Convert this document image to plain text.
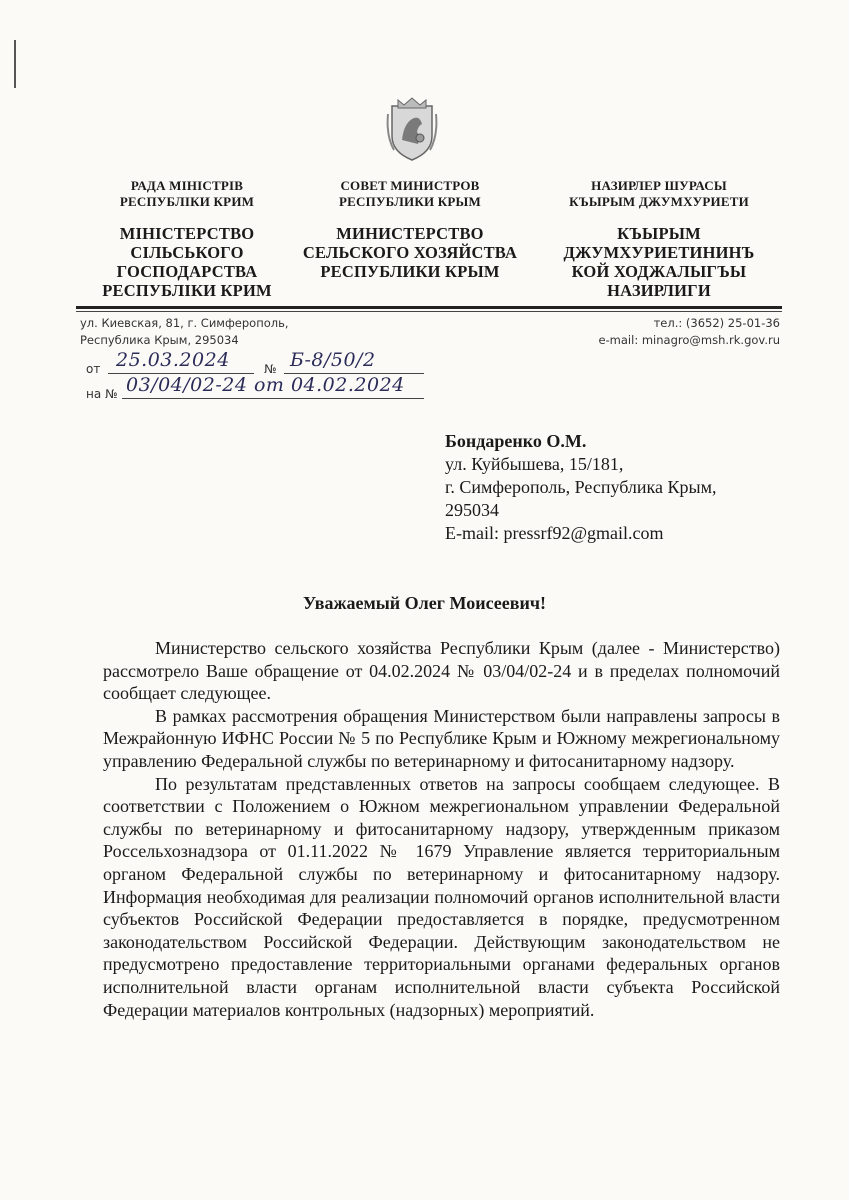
РАДА МІНІСТРІВ
РЕСПУБЛІКИ КРИМ
МІНІСТЕРСТВО
СІЛЬСЬКОГО
ГОСПОДАРСТВА
РЕСПУБЛІКИ КРИМ
СОВЕТ МИНИСТРОВ
РЕСПУБЛИКИ КРЫМ
МИНИСТЕРСТВО
СЕЛЬСКОГО ХОЗЯЙСТВА
РЕСПУБЛИКИ КРЫМ
НАЗИРЛЕР ШУРАСЫ
КЪЫРЫМ ДЖУМХУРИЕТИ
КЪЫРЫМ
ДЖУМХУРИЕТИНИНЪ
КОЙ ХОДЖАЛЫГЪЫ
НАЗИРЛИГИ
ул. Киевская, 81, г. Симферополь,
Республика Крым, 295034
тел.: (3652) 25-01-36
e-mail: minagro@msh.rk.gov.ru
от 25.03.2024	№ Б-8/50/2
на № 03/04/02-24 от 04.02.2024
Бондаренко О.М.
ул. Куйбышева, 15/181,
г. Симферополь, Республика Крым,
295034
E-mail: pressrf92@gmail.com
Уважаемый Олег Моисеевич!

Министерство сельского хозяйства Республики Крым (далее - Министерство) рассмотрело Ваше обращение от 04.02.2024 № 03/04/02-24 и в пределах полномочий сообщает следующее.

В рамках рассмотрения обращения Министерством были направлены запросы в Межрайонную ИФНС России № 5 по Республике Крым и Южному межрегиональному управлению Федеральной службы по ветеринарному и фитосанитарному надзору.

По результатам представленных ответов на запросы сообщаем следующее. В соответствии с Положением о Южном межрегиональном управлении Федеральной службы по ветеринарному и фитосанитарному надзору, утвержденным приказом Россельхознадзора от 01.11.2022 № 1679 Управление является территориальным органом Федеральной службы по ветеринарному и фитосанитарному надзору. Информация необходимая для реализации полномочий органов исполнительной власти субъектов Российской Федерации предоставляется в порядке, предусмотренном законодательством Российской Федерации. Действующим законодательством не предусмотрено предоставление территориальными органами федеральных органов исполнительной власти органам исполнительной власти субъекта Российской Федерации материалов контрольных (надзорных) мероприятий.
